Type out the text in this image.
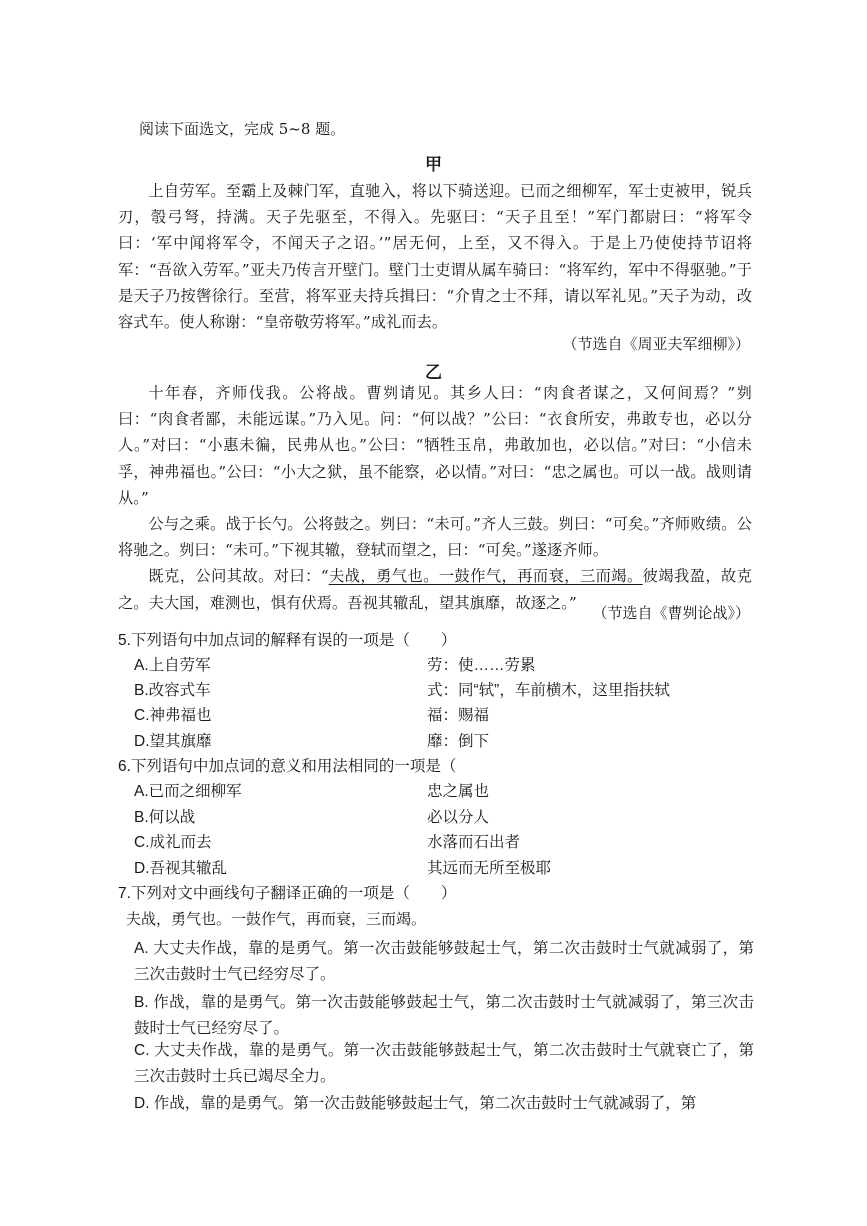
阅读下面选文，完成 5~8 题。
甲

上自劳军。至霸上及棘门军，直驰入，将以下骑送迎。已而之细柳军，军士吏被甲，锐兵刃，彀弓弩，持满。天子先驱至，不得入。先驱曰：“天子且至！”军门都尉曰：“将军令曰：‘军中闻将军令，不闻天子之诏。’”居无何，上至，又不得入。于是上乃使使持节诏将军：“吾欲入劳军。”亚夫乃传言开壁门。壁门士吏谓从属车骑曰：“将军约，军中不得驱驰。”于是天子乃按辔徐行。至营，将军亚夫持兵揖曰：“介胄之士不拜，请以军礼见。”天子为动，改容式车。使人称谢：“皇帝敬劳将军。”成礼而去。

（节选自《周亚夫军细柳》）
乙

十年春，齐师伐我。公将战。曹刿请见。其乡人曰：“肉食者谋之，又何间焉？”刿曰：“肉食者鄙，未能远谋。”乃入见。问：“何以战？”公曰：“衣食所安，弗敢专也，必以分人。”对曰：“小惠未徧，民弗从也。”公曰：“牺牲玉帛，弗敢加也，必以信。”对曰：“小信未孚，神弗福也。”公曰：“小大之狱，虽不能察，必以情。”对曰：“忠之属也。可以一战。战则请从。”

公与之乘。战于长勺。公将鼓之。刿曰：“未可。”齐人三鼓。刿曰：“可矣。”齐师败绩。公将驰之。刿曰：“未可。”下视其辙，登轼而望之，曰：“可矣。”遂逐齐师。

既克，公问其故。对曰：“夫战，勇气也。一鼓作气，再而衰，三而竭。彼竭我盈，故克之。夫大国，难测也，惧有伏焉。吾视其辙乱，望其旗靡，故逐之。”

（节选自《曹刿论战》）
5.下列语句中加点词的解释有误的一项是（　　）
A.上自劳军	劳：使……劳累
B.改容式车	式：同“轼”，车前横木，这里指扶轼
C.神弗福也	福：赐福
D.望其旗靡	靡：倒下
6.下列语句中加点词的意义和用法相同的一项是（
A.已而之细柳军	忠之属也
B.何以战	必以分人
C.成礼而去	水落而石出者
D.吾视其辙乱	其远而无所至极耶
7.下列对文中画线句子翻译正确的一项是（　　）
夫战，勇气也。一鼓作气，再而衰，三而竭。
A. 大丈夫作战，靠的是勇气。第一次击鼓能够鼓起士气，第二次击鼓时士气就减弱了，第三次击鼓时士气已经穷尽了。
B. 作战，靠的是勇气。第一次击鼓能够鼓起士气，第二次击鼓时士气就减弱了，第三次击鼓时士气已经穷尽了。
C. 大丈夫作战，靠的是勇气。第一次击鼓能够鼓起士气，第二次击鼓时士气就衰亡了，第三次击鼓时士兵已竭尽全力。
D. 作战，靠的是勇气。第一次击鼓能够鼓起士气，第二次击鼓时士气就减弱了，第
